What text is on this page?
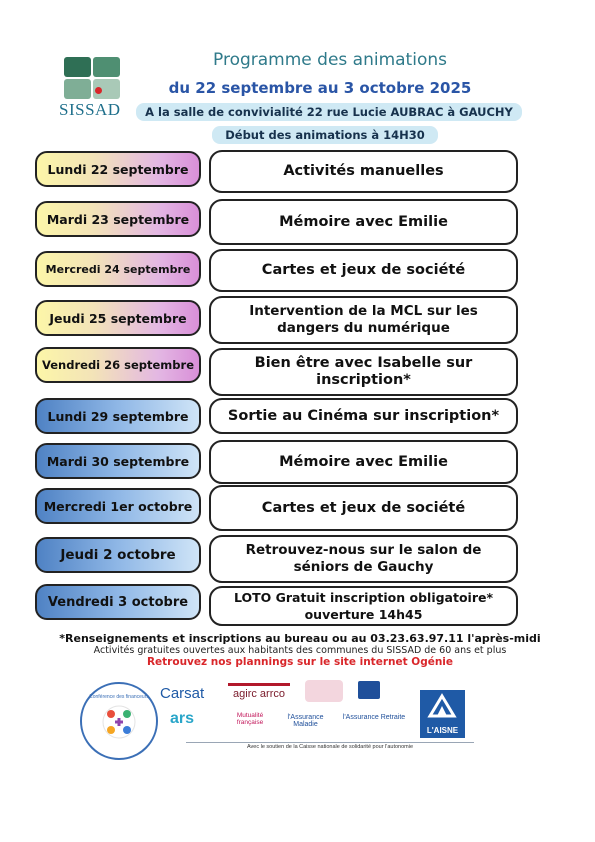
SISSAD
Programme des animations
du 22 septembre au 3 octobre 2025
A la salle de convivialité 22 rue Lucie AUBRAC à GAUCHY
Début des animations à 14H30
Lundi 22 septembre	Activités manuelles
Mardi 23 septembre	Mémoire avec Emilie
Mercredi 24 septembre	Cartes et jeux de société
Jeudi 25 septembre	Intervention de la MCL sur les dangers du numérique
Vendredi 26 septembre	Bien être avec Isabelle sur inscription*
Lundi 29 septembre	Sortie au Cinéma sur inscription*
Mardi 30 septembre	Mémoire avec Emilie
Mercredi 1er octobre	Cartes et jeux de société
Jeudi 2 octobre	Retrouvez-nous sur le salon de séniors de Gauchy
Vendredi 3 octobre	LOTO Gratuit inscription obligatoire* ouverture 14h45
*Renseignements et inscriptions au bureau ou au 03.23.63.97.11 l'après-midi
Activités gratuites ouvertes aux habitants des communes du SISSAD de 60 ans et plus
Retrouvez nos plannings sur le site internet Ogénie
Conférence des financeurs Carsat	agirc arrco
ars	Mutualité française
l'Assurance Maladie
l'Assurance Retraite
L'AISNE
Avec le soutien de la Caisse nationale de solidarité pour l'autonomie
